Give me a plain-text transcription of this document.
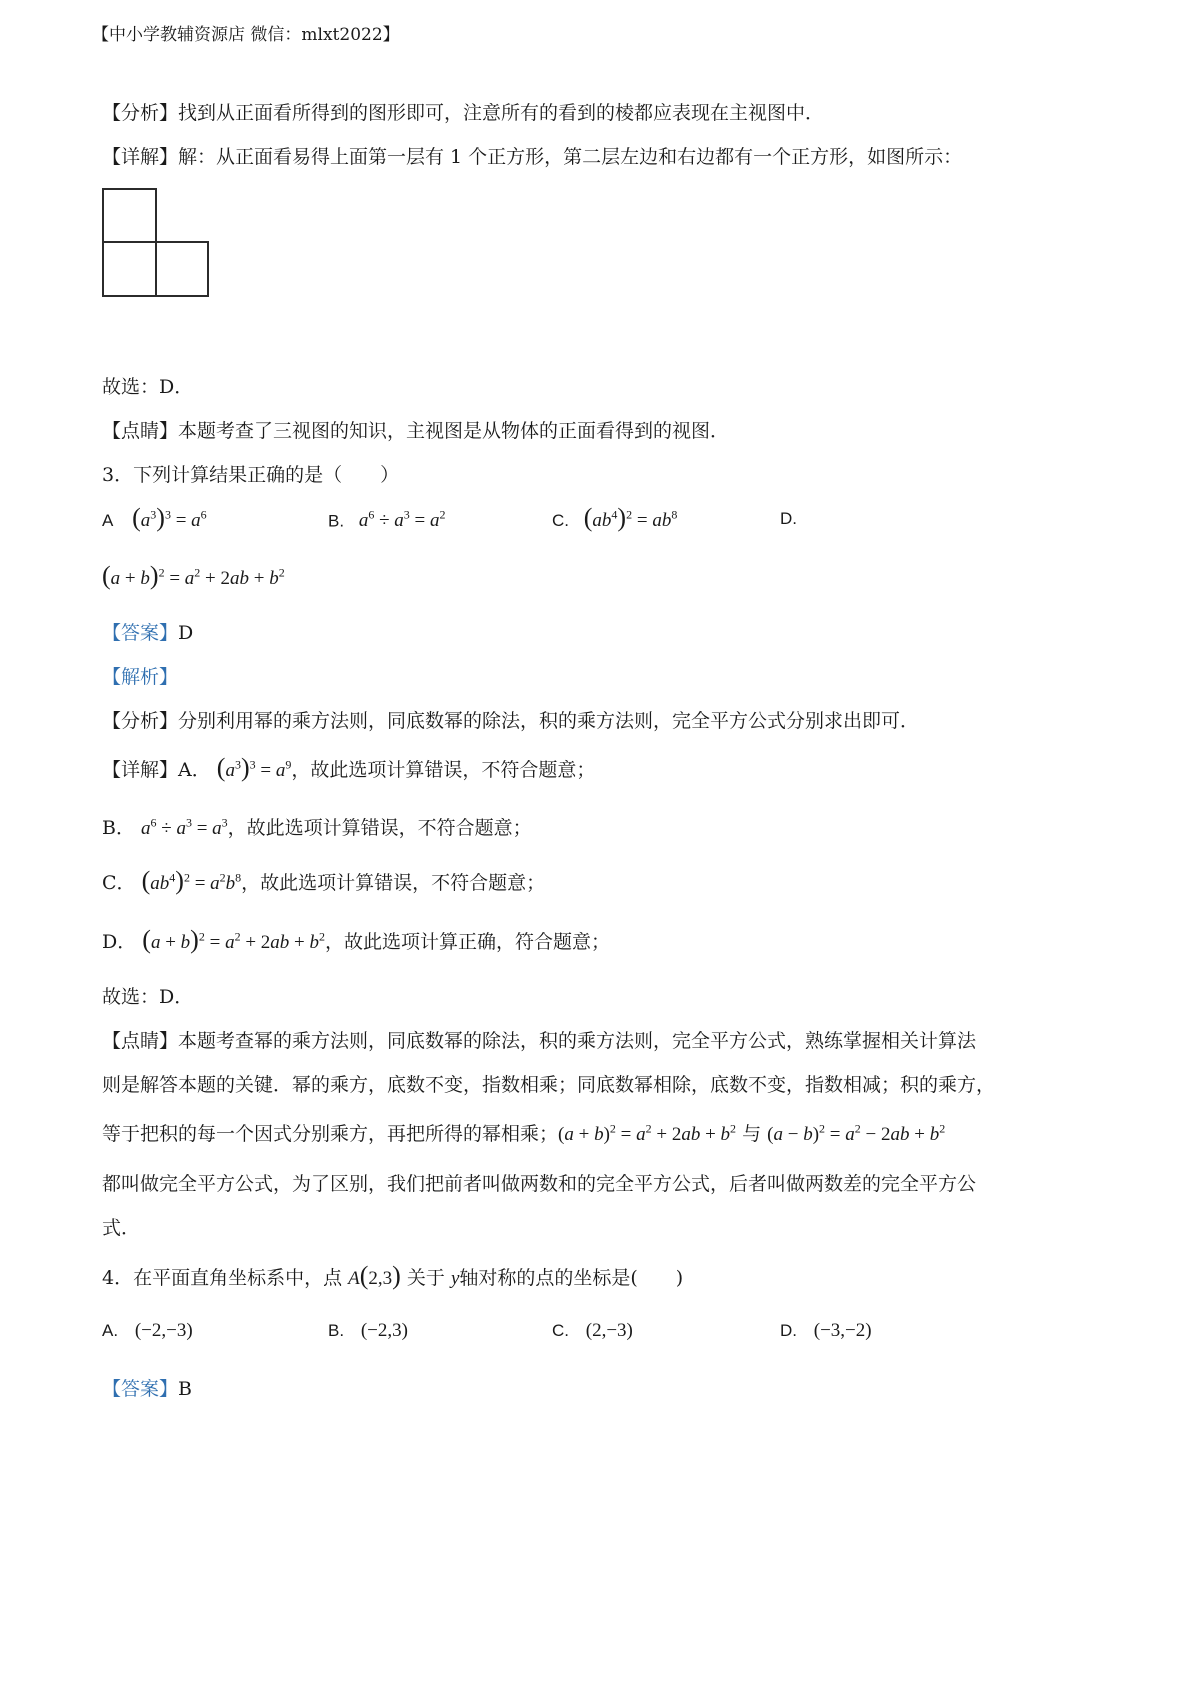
【中小学教辅资源店 微信：mlxt2022】
【分析】找到从正面看所得到的图形即可，注意所有的看到的棱都应表现在主视图中．
【详解】解：从正面看易得上面第一层有 1 个正方形，第二层左边和右边都有一个正方形，如图所示：
故选：D．
【点睛】本题考查了三视图的知识，主视图是从物体的正面看得到的视图．
3．下列计算结果正确的是（　　）
A $(a^3)^3 = a^6$	B. $a^6 \div a^3 = a^2$	C. $(ab^4)^2 = ab^8$	D.
$(a + b)^2 = a^2 + 2ab + b^2$
【答案】D
【解析】
【分析】分别利用幂的乘方法则，同底数幂的除法，积的乘方法则，完全平方公式分别求出即可．
【详解】A． $(a^3)^3 = a^9$，故此选项计算错误，不符合题意；
B． $a^6 \div a^3 = a^3$，故此选项计算错误，不符合题意；
C． $(ab^4)^2 = a^2b^8$，故此选项计算错误，不符合题意；
D． $(a + b)^2 = a^2 + 2ab + b^2$，故此选项计算正确，符合题意；
故选：D．
【点睛】本题考查幂的乘方法则，同底数幂的除法，积的乘方法则，完全平方公式，熟练掌握相关计算法
则是解答本题的关键．幂的乘方，底数不变，指数相乘；同底数幂相除，底数不变，指数相减；积的乘方，
等于把积的每一个因式分别乘方，再把所得的幂相乘；$(a + b)^2 = a^2 + 2ab + b^2$ 与 $(a - b)^2 = a^2 - 2ab + b^2$
都叫做完全平方公式，为了区别，我们把前者叫做两数和的完全平方公式，后者叫做两数差的完全平方公
式．
4．在平面直角坐标系中，点 A(2,3) 关于 y轴对称的点的坐标是(　　)
A. (−2,−3)	B. (−2,3)	C. (2,−3)	D. (−3,−2)
【答案】B
